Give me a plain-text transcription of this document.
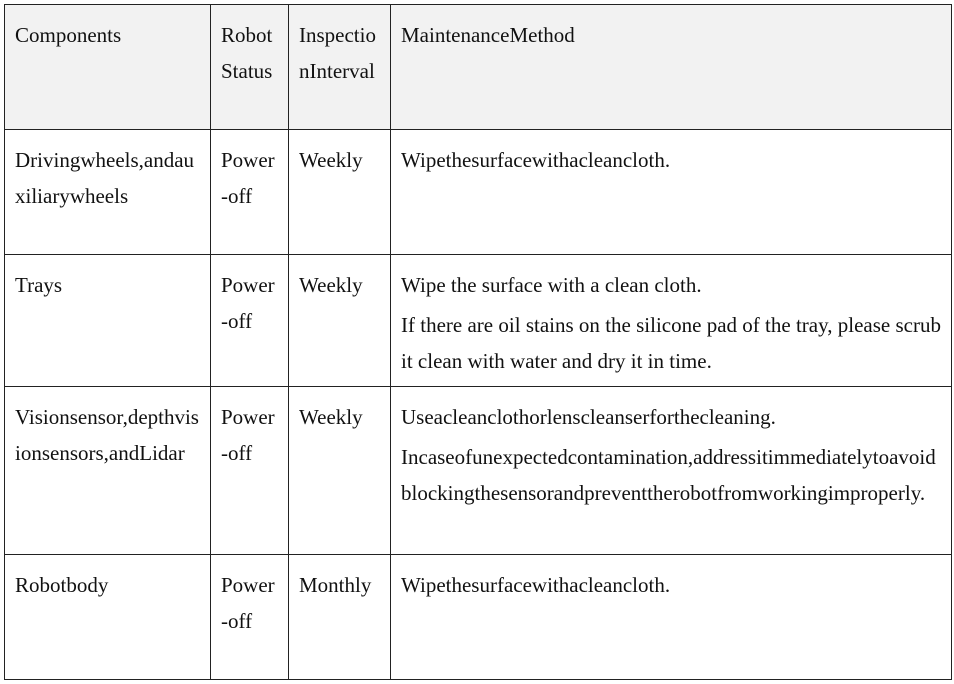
Components	RobotStatus	InspectionInterval	MaintenanceMethod
Drivingwheels,andauxiliarywheels	Power-off	Weekly	Wipethesurfacewithacleancloth.

Trays	Power-off	Weekly	Wipe the surface with a clean cloth.

If there are oil stains on the silicone pad of the tray, please scrub it clean with water and dry it in time.

Visionsensor,depthvisionsensors,andLidar	Power-off	Weekly	Useacleanclothorlenscleanserforthecleaning.

Incaseofunexpectedcontamination,addressitimmediatelytoavoidblockingthesensorandpreventtherobotfromworkingimproperly.

Robotbody	Power-off	Monthly	Wipethesurfacewithacleancloth.
